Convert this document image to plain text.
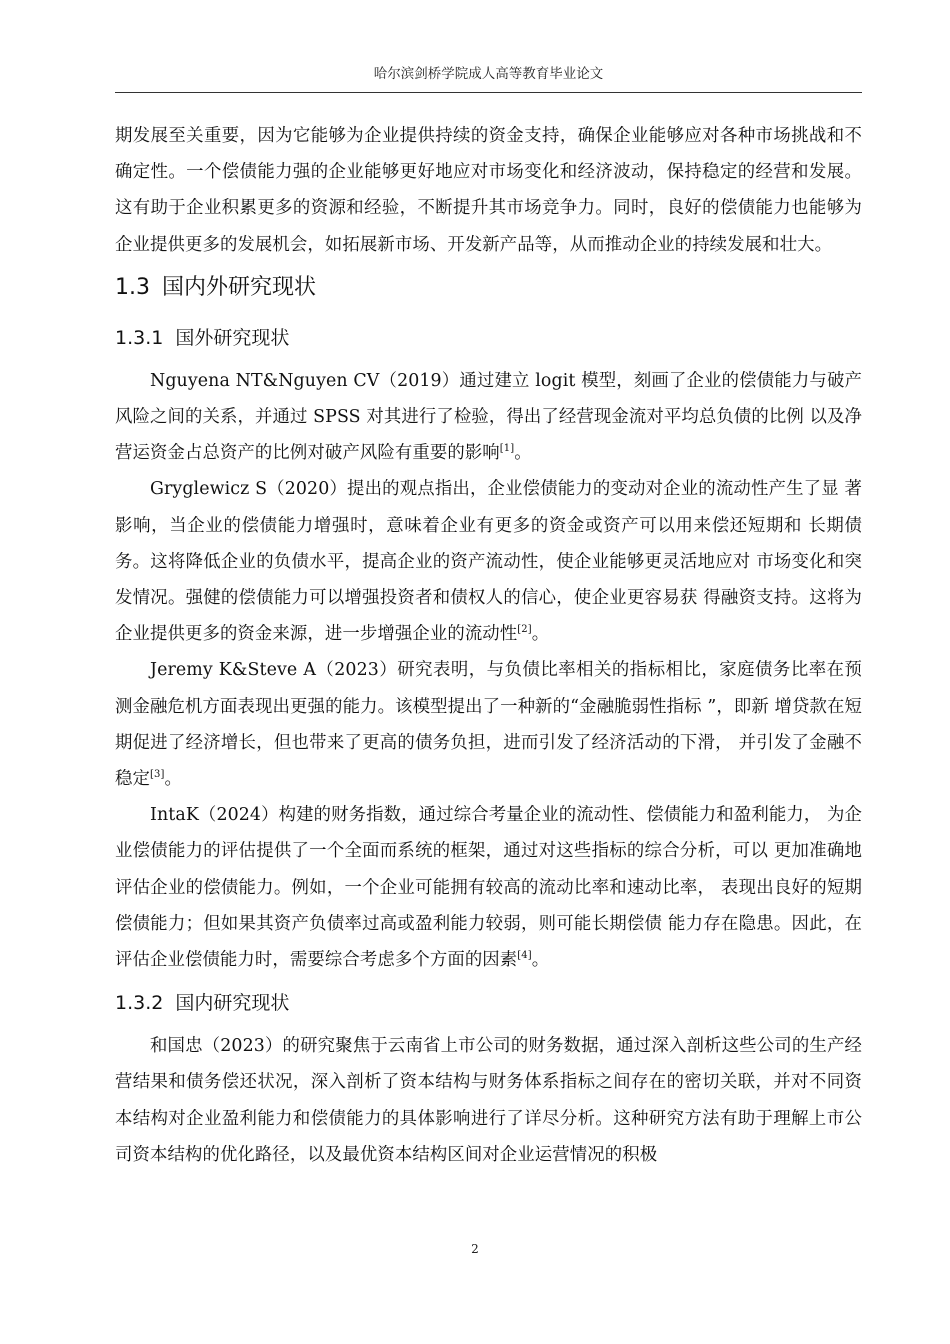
哈尔滨剑桥学院成人高等教育毕业论文

期发展至关重要，因为它能够为企业提供持续的资金支持，确保企业能够应对各种市场挑战和不确定性。一个偿债能力强的企业能够更好地应对市场变化和经济波动，保持稳定的经营和发展。这有助于企业积累更多的资源和经验，不断提升其市场竞争力。同时，良好的偿债能力也能够为企业提供更多的发展机会，如拓展新市场、开发新产品等，从而推动企业的持续发展和壮大。

1.3 国内外研究现状
1.3.1 国外研究现状

Nguyena NT&Nguyen CV（2019）通过建立 logit 模型，刻画了企业的偿债能力与破产 风险之间的关系，并通过 SPSS 对其进行了检验，得出了经营现金流对平均总负债的比例 以及净营运资金占总资产的比例对破产风险有重要的影响[1]。

Gryglewicz S（2020）提出的观点指出，企业偿债能力的变动对企业的流动性产生了显 著影响，当企业的偿债能力增强时，意味着企业有更多的资金或资产可以用来偿还短期和 长期债务。这将降低企业的负债水平，提高企业的资产流动性，使企业能够更灵活地应对 市场变化和突发情况。强健的偿债能力可以增强投资者和债权人的信心，使企业更容易获 得融资支持。这将为企业提供更多的资金来源，进一步增强企业的流动性[2]。

Jeremy K&Steve A（2023）研究表明，与负债比率相关的指标相比，家庭债务比率在预测金融危机方面表现出更强的能力。该模型提出了一种新的“金融脆弱性指标 ”，即新 增贷款在短期促进了经济增长，但也带来了更高的债务负担，进而引发了经济活动的下滑， 并引发了金融不稳定[3]。

IntaK（2024）构建的财务指数，通过综合考量企业的流动性、偿债能力和盈利能力， 为企业偿债能力的评估提供了一个全面而系统的框架，通过对这些指标的综合分析，可以 更加准确地评估企业的偿债能力。例如，一个企业可能拥有较高的流动比率和速动比率， 表现出良好的短期偿债能力；但如果其资产负债率过高或盈利能力较弱，则可能长期偿债 能力存在隐患。因此，在评估企业偿债能力时，需要综合考虑多个方面的因素[4]。

1.3.2 国内研究现状

和国忠（2023）的研究聚焦于云南省上市公司的财务数据，通过深入剖析这些公司的生产经营结果和债务偿还状况，深入剖析了资本结构与财务体系指标之间存在的密切关联，并对不同资本结构对企业盈利能力和偿债能力的具体影响进行了详尽分析。这种研究方法有助于理解上市公司资本结构的优化路径，以及最优资本结构区间对企业运营情况的积极

2
